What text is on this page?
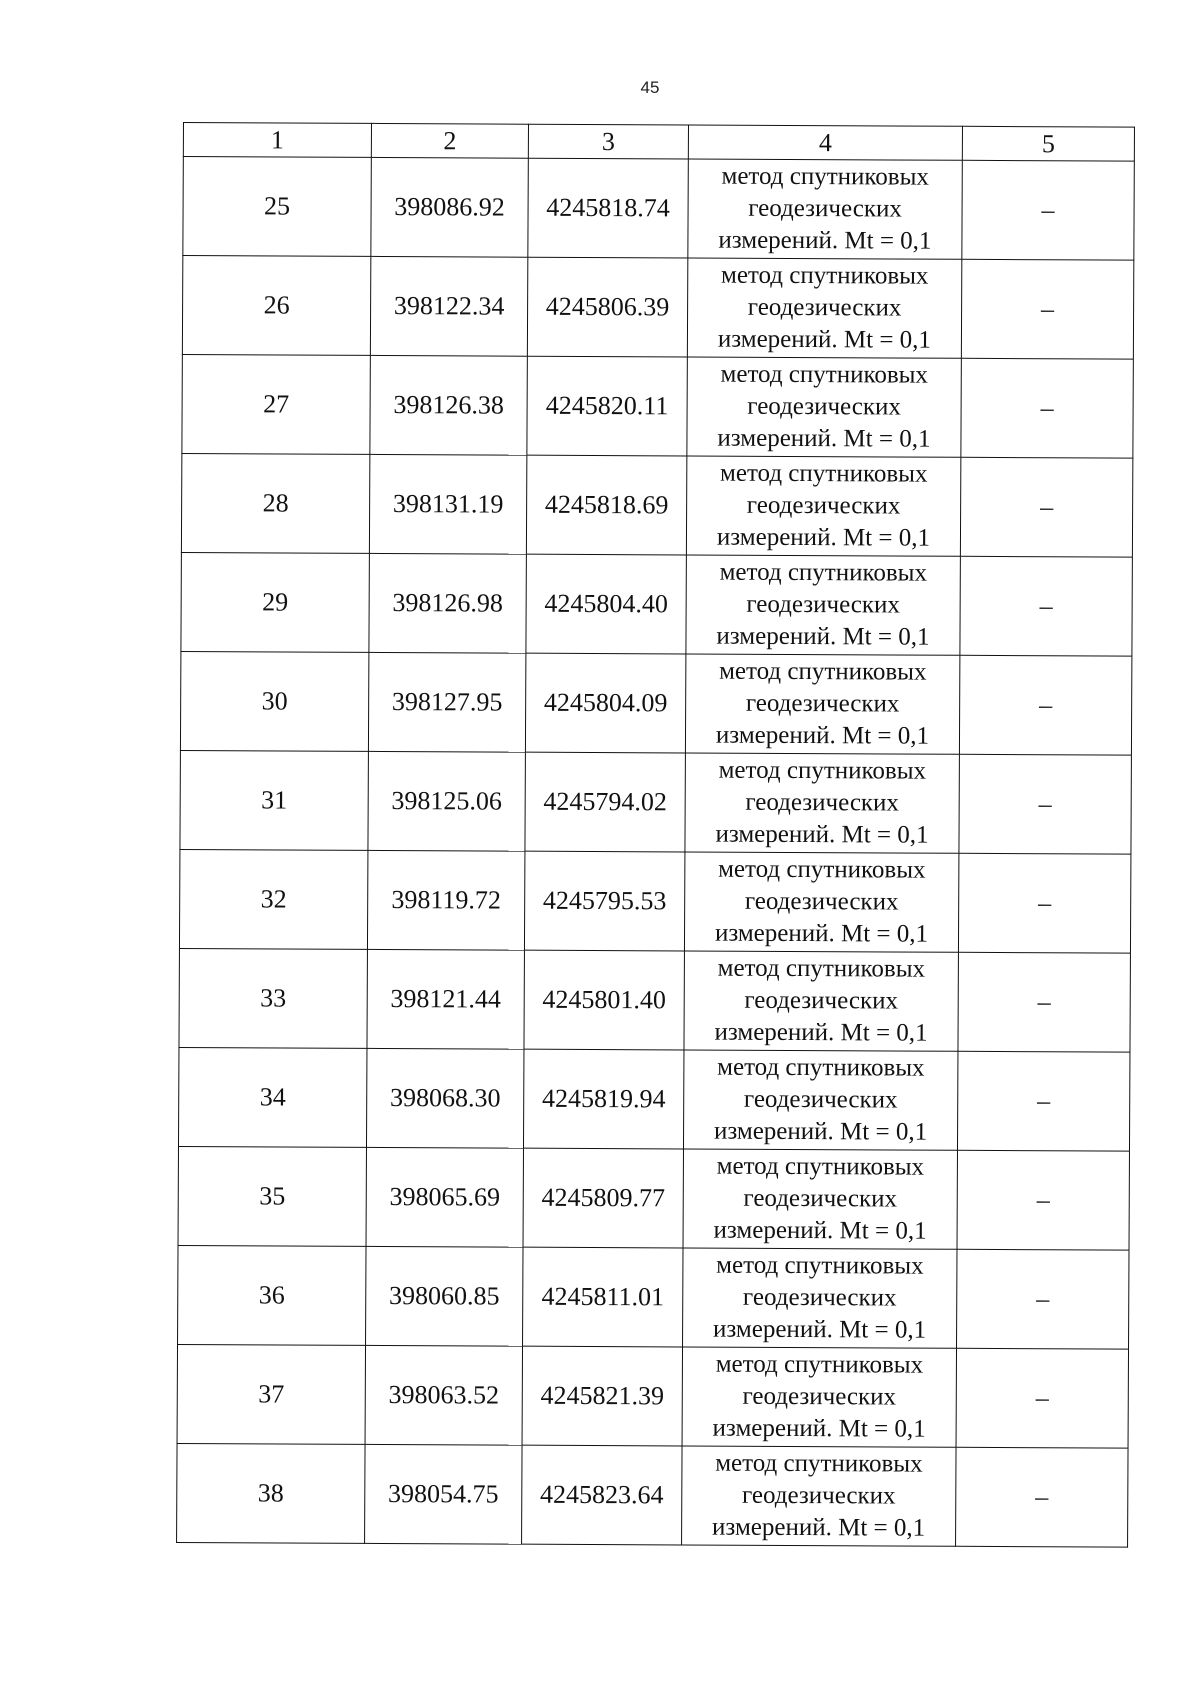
45
1	2	3	4	5
25	398086.92	4245818.74	метод спутниковых
геодезических
измерений. Mt = 0,1	–
26	398122.34	4245806.39	метод спутниковых
геодезических
измерений. Mt = 0,1	–
27	398126.38	4245820.11	метод спутниковых
геодезических
измерений. Mt = 0,1	–
28	398131.19	4245818.69	метод спутниковых
геодезических
измерений. Mt = 0,1	–
29	398126.98	4245804.40	метод спутниковых
геодезических
измерений. Mt = 0,1	–
30	398127.95	4245804.09	метод спутниковых
геодезических
измерений. Mt = 0,1	–
31	398125.06	4245794.02	метод спутниковых
геодезических
измерений. Mt = 0,1	–
32	398119.72	4245795.53	метод спутниковых
геодезических
измерений. Mt = 0,1	–
33	398121.44	4245801.40	метод спутниковых
геодезических
измерений. Mt = 0,1	–
34	398068.30	4245819.94	метод спутниковых
геодезических
измерений. Mt = 0,1	–
35	398065.69	4245809.77	метод спутниковых
геодезических
измерений. Mt = 0,1	–
36	398060.85	4245811.01	метод спутниковых
геодезических
измерений. Mt = 0,1	–
37	398063.52	4245821.39	метод спутниковых
геодезических
измерений. Mt = 0,1	–
38	398054.75	4245823.64	метод спутниковых
геодезических
измерений. Mt = 0,1	–
